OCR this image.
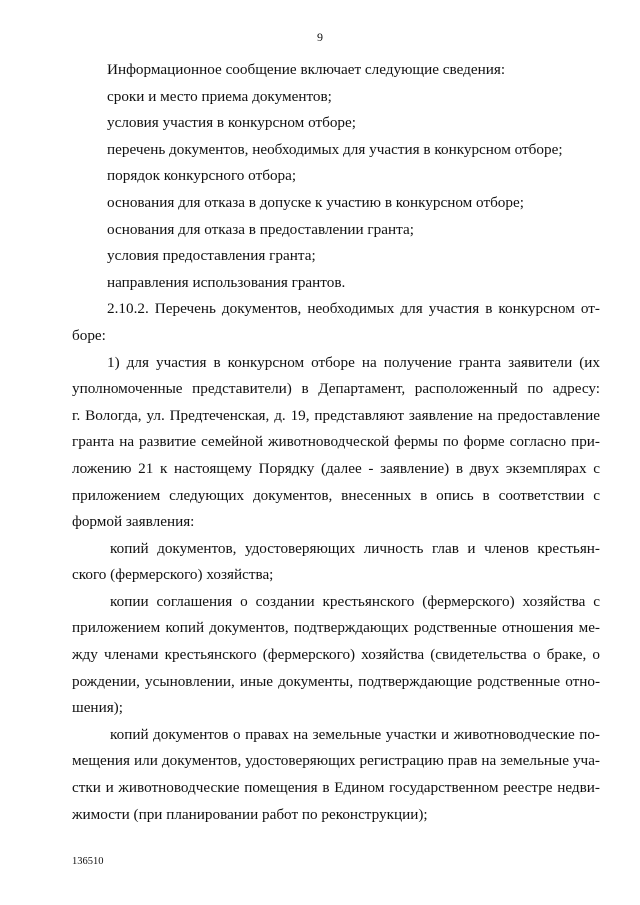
9
Информационное сообщение включает следующие сведения:
сроки и место приема документов;
условия участия в конкурсном отборе;
перечень документов, необходимых для участия в конкурсном отборе;
порядок конкурсного отбора;
основания для отказа в допуске к участию в конкурсном отборе;
основания для отказа в предоставлении гранта;
условия предоставления гранта;
направления использования грантов.
2.10.2. Перечень документов, необходимых для участия в конкурсном от-
боре:
1) для участия в конкурсном отборе на получение гранта заявители (их
уполномоченные представители) в Департамент, расположенный по адресу:
г. Вологда, ул. Предтеченская, д. 19, представляют заявление на предоставление
гранта на развитие семейной животноводческой фермы по форме согласно при-
ложению 21 к настоящему Порядку (далее - заявление) в двух экземплярах с
приложением следующих документов, внесенных в опись в соответствии с
формой заявления:
копий документов, удостоверяющих личность глав и членов крестьян-
ского (фермерского) хозяйства;
копии соглашения о создании крестьянского (фермерского) хозяйства с
приложением копий документов, подтверждающих родственные отношения ме-
жду членами крестьянского (фермерского) хозяйства (свидетельства о браке, о
рождении, усыновлении, иные документы, подтверждающие родственные отно-
шения);
копий документов о правах на земельные участки и животноводческие по-
мещения или документов, удостоверяющих регистрацию прав на земельные уча-
стки и животноводческие помещения в Едином государственном реестре недви-
жимости (при планировании работ по реконструкции);
136510
